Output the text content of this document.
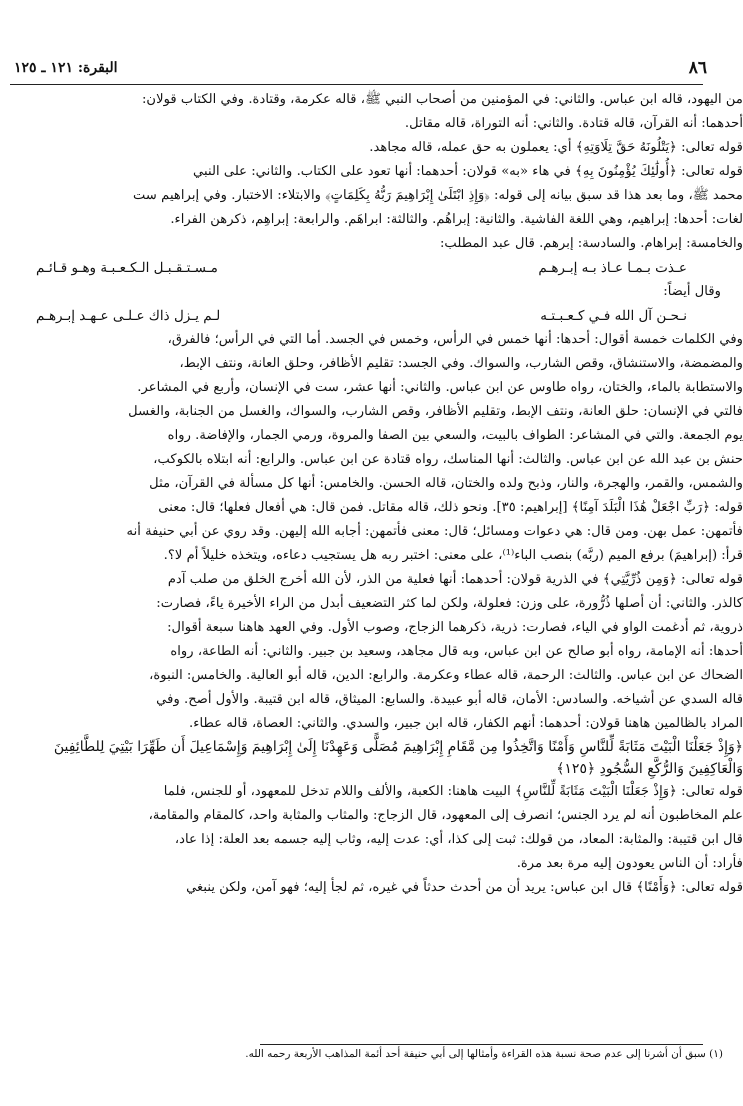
٨٦
البقرة: ١٢١ ـ ١٢٥
من اليهود، قاله ابن عباس. والثاني: في المؤمنين من أصحاب النبي ﷺ، قاله عكرمة، وقتادة. وفي الكتاب قولان:
أحدهما: أنه القرآن، قاله قتادة. والثاني: أنه التوراة، قاله مقاتل.
قوله تعالى: ﴿يَتْلُونَهُ حَقَّ تِلَاوَتِهِ﴾ أي: يعملون به حق عمله، قاله مجاهد.
قوله تعالى: ﴿أُولَٰئِكَ يُؤْمِنُونَ بِهِ﴾ في هاء «به» قولان: أحدهما: أنها تعود على الكتاب. والثاني: على النبي
محمد ﷺ، وما بعد هذا قد سبق بيانه إلى قوله: ﴿وَإِذِ ابْتَلَىٰ إِبْرَاهِيمَ رَبُّهُ بِكَلِمَاتٍ﴾ والابتلاء: الاختبار. وفي إبراهيم ست
لغات: أحدها: إبراهيم، وهي اللغة الفاشية. والثانية: إبراهُم. والثالثة: ابراهَم. والرابعة: إبراهِم، ذكرهن الفراء.
والخامسة: إبراهام. والسادسة: إبرهم. قال عبد المطلب:
عـذت بـمـا عـاذ بـه إبـرهـم
مـسـتـقـبـل الـكـعـبـة وهـو قـائـم
وقال أيضاً:
نـحـن آل الله فـي كـعـبـتـه
لـم يـزل ذاك عـلـى عـهـد إبـرهـم
وفي الكلمات خمسة أقوال: أحدها: أنها خمس في الرأس، وخمس في الجسد. أما التي في الرأس؛ فالفرق،
والمضمضة، والاستنشاق، وقص الشارب، والسواك. وفي الجسد: تقليم الأظافر، وحلق العانة، ونتف الإبط،
والاستطابة بالماء، والختان، رواه طاوس عن ابن عباس. والثاني: أنها عشر، ست في الإنسان، وأربع في المشاعر.
فالتي في الإنسان: حلق العانة، ونتف الإبط، وتقليم الأظافر، وقص الشارب، والسواك، والغسل من الجنابة، والغسل
يوم الجمعة. والتي في المشاعر: الطواف بالبيت، والسعي بين الصفا والمروة، ورمي الجمار، والإفاضة. رواه
حنش بن عبد الله عن ابن عباس. والثالث: أنها المناسك، رواه قتادة عن ابن عباس. والرابع: أنه ابتلاه بالكوكب،
والشمس، والقمر، والهجرة، والنار، وذبح ولده والختان، قاله الحسن. والخامس: أنها كل مسألة في القرآن، مثل
قوله: ﴿رَبِّ اجْعَلْ هَٰذَا الْبَلَدَ آمِنًا﴾ [إبراهيم: ٣٥]. ونحو ذلك، قاله مقاتل. فمن قال: هي أفعال فعلها؛ قال: معنى
فأتمهن: عمل بهن. ومن قال: هي دعوات ومسائل؛ قال: معنى فأتمهن: أجابه الله إليهن. وقد روي عن أبي حنيفة أنه
قرأ: (إبراهيمَ) برفع الميم (ربَّه) بنصب الباء⁽¹⁾، على معنى: اختبر ربه هل يستجيب دعاءه، ويتخذه خليلاً أم لا؟.
قوله تعالى: ﴿وَمِن ذُرِّيَّتِي﴾ في الذرية قولان: أحدهما: أنها فعلية من الذر، لأن الله أخرج الخلق من صلب آدم
كالذر. والثاني: أن أصلها ذُرُّورة، على وزن: فعلولة، ولكن لما كثر التضعيف أبدل من الراء الأخيرة ياءً، فصارت:
ذروية، ثم أدغمت الواو في الياء، فصارت: ذرية، ذكرهما الزجاج، وصوب الأول. وفي العهد هاهنا سبعة أقوال:
أحدها: أنه الإمامة، رواه أبو صالح عن ابن عباس، وبه قال مجاهد، وسعيد بن جبير. والثاني: أنه الطاعة، رواه
الضحاك عن ابن عباس. والثالث: الرحمة، قاله عطاء وعكرمة. والرابع: الدين، قاله أبو العالية. والخامس: النبوة،
قاله السدي عن أشياخه. والسادس: الأمان، قاله أبو عبيدة. والسابع: الميثاق، قاله ابن قتيبة. والأول أصح. وفي
المراد بالظالمين هاهنا قولان: أحدهما: أنهم الكفار، قاله ابن جبير، والسدي. والثاني: العصاة، قاله عطاء.
﴿وَإِذْ جَعَلْنَا الْبَيْتَ مَثَابَةً لِّلنَّاسِ وَأَمْنًا وَاتَّخِذُوا مِن مَّقَامِ إِبْرَاهِيمَ مُصَلًّى وَعَهِدْنَا إِلَىٰ إِبْرَاهِيمَ وَإِسْمَاعِيلَ أَن طَهِّرَا بَيْتِيَ لِلطَّائِفِينَ
وَالْعَاكِفِينَ وَالرُّكَّعِ السُّجُودِ ﴿١٢٥﴾
قوله تعالى: ﴿وَإِذْ جَعَلْنَا الْبَيْتَ مَثَابَةً لِّلنَّاسِ﴾ البيت هاهنا: الكعبة، والألف واللام تدخل للمعهود، أو للجنس، فلما
علم المخاطبون أنه لم يرد الجنس؛ انصرف إلى المعهود، قال الزجاج: والمثاب والمثابة واحد، كالمقام والمقامة،
قال ابن قتيبة: والمثابة: المعاد، من قولك: ثبت إلى كذا، أي: عدت إليه، وثاب إليه جسمه بعد العلة: إذا عاد،
فأراد: أن الناس يعودون إليه مرة بعد مرة.
قوله تعالى: ﴿وَأَمْنًا﴾ قال ابن عباس: يريد أن من أحدث حدثاً في غيره، ثم لجأ إليه؛ فهو آمن، ولكن ينبغي
(١) سبق أن أشرنا إلى عدم صحة نسبة هذه القراءة وأمثالها إلى أبي حنيفة أحد أئمة المذاهب الأربعة رحمه الله.
